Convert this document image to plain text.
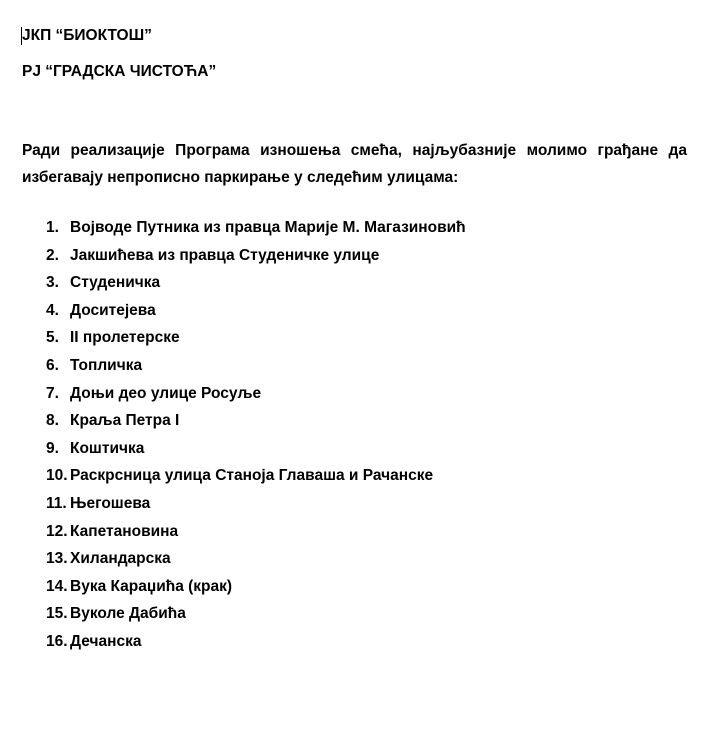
ЈКП “БИОКТОШ”
РЈ “ГРАДСКА ЧИСТОЋА”

Ради реализације Програма изношења смећа, најљубазније молимо грађане да избегавају непрописно паркирање у следећим улицама:

1. Војводе Путника из правца Марије М. Магазиновић
2. Јакшићева из правца Студеничке улице
3. Студеничка
4. Доситејева
5. II пролетерске
6. Топличка
7. Доњи део улице Росуље
8. Краља Петра I
9. Коштичка
10. Раскрсница улица Станоја Главаша и Рачанске
11. Његошева
12. Капетановина
13. Хиландарска
14. Вука Караџића (крак)
15. Вуколе Дабића
16. Дечанска
